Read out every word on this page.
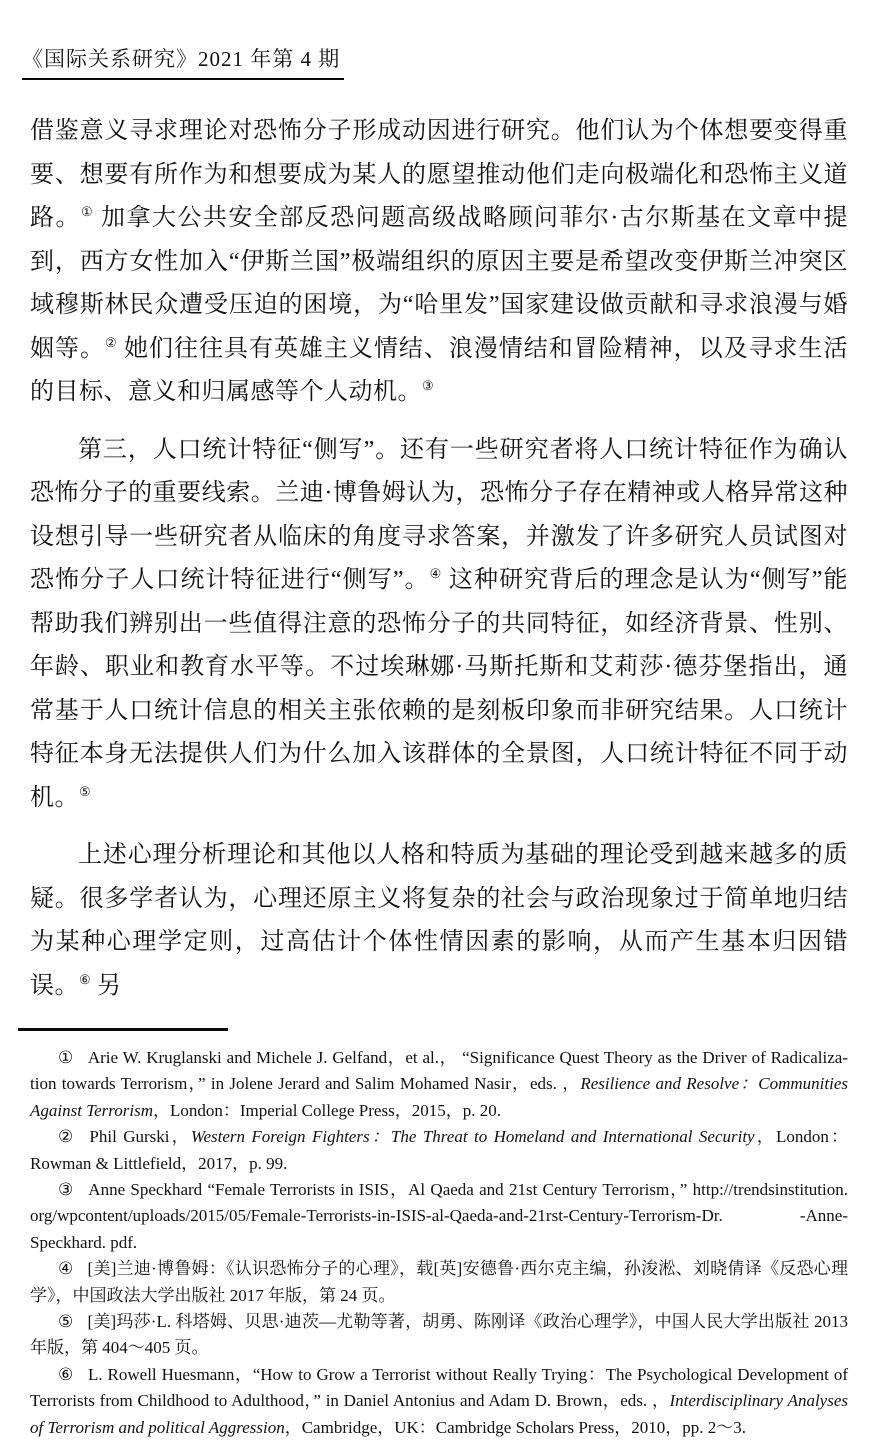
《国际关系研究》2021 年第 4 期

借鉴意义寻求理论对恐怖分子形成动因进行研究。他们认为个体想要变得重要、想要有所作为和想要成为某人的愿望推动他们走向极端化和恐怖主义道路。① 加拿大公共安全部反恐问题高级战略顾问菲尔·古尔斯基在文章中提到，西方女性加入“伊斯兰国”极端组织的原因主要是希望改变伊斯兰冲突区域穆斯林民众遭受压迫的困境，为“哈里发”国家建设做贡献和寻求浪漫与婚姻等。② 她们往往具有英雄主义情结、浪漫情结和冒险精神，以及寻求生活的目标、意义和归属感等个人动机。③

第三，人口统计特征“侧写”。还有一些研究者将人口统计特征作为确认恐怖分子的重要线索。兰迪·博鲁姆认为，恐怖分子存在精神或人格异常这种设想引导一些研究者从临床的角度寻求答案，并激发了许多研究人员试图对恐怖分子人口统计特征进行“侧写”。④ 这种研究背后的理念是认为“侧写”能帮助我们辨别出一些值得注意的恐怖分子的共同特征，如经济背景、性别、年龄、职业和教育水平等。不过埃琳娜·马斯托斯和艾莉莎·德芬堡指出，通常基于人口统计信息的相关主张依赖的是刻板印象而非研究结果。人口统计特征本身无法提供人们为什么加入该群体的全景图，人口统计特征不同于动机。⑤

上述心理分析理论和其他以人格和特质为基础的理论受到越来越多的质疑。很多学者认为，心理还原主义将复杂的社会与政治现象过于简单地归结为某种心理学定则，过高估计个体性情因素的影响，从而产生基本归因错误。⑥ 另

① Arie W. Kruglanski and Michele J. Gelfand，et al.， “Significance Quest Theory as the Driver of Radicaliza-tion towards Terrorism，” in Jolene Jerard and Salim Mohamed Nasir，eds. ，Resilience and Resolve：Communities Against Terrorism，London：Imperial College Press，2015，p. 20.

② Phil Gurski，Western Foreign Fighters：The Threat to Homeland and International Security，London：Rowman & Littlefield，2017，p. 99.

③ Anne Speckhard “Female Terrorists in ISIS，Al Qaeda and 21st Century Terrorism，” http://trendsinstitution. org/wpcontent/uploads/2015/05/Female-Terrorists-in-ISIS-al-Qaeda-and-21rst-Century-Terrorism-Dr. -Anne-Speckhard. pdf.

④ [美]兰迪·博鲁姆：《认识恐怖分子的心理》，载[英]安德鲁·西尔克主编，孙浚淞、刘晓倩译《反恐心理学》，中国政法大学出版社 2017 年版，第 24 页。

⑤ [美]玛莎·L. 科塔姆、贝思·迪茨—尤勒等著，胡勇、陈刚译《政治心理学》，中国人民大学出版社 2013 年版，第 404～405 页。

⑥ L. Rowell Huesmann，“How to Grow a Terrorist without Really Trying：The Psychological Development of Terrorists from Childhood to Adulthood，” in Daniel Antonius and Adam D. Brown，eds. ，Interdisciplinary Analyses of Terrorism and political Aggression，Cambridge，UK：Cambridge Scholars Press，2010，pp. 2～3.
